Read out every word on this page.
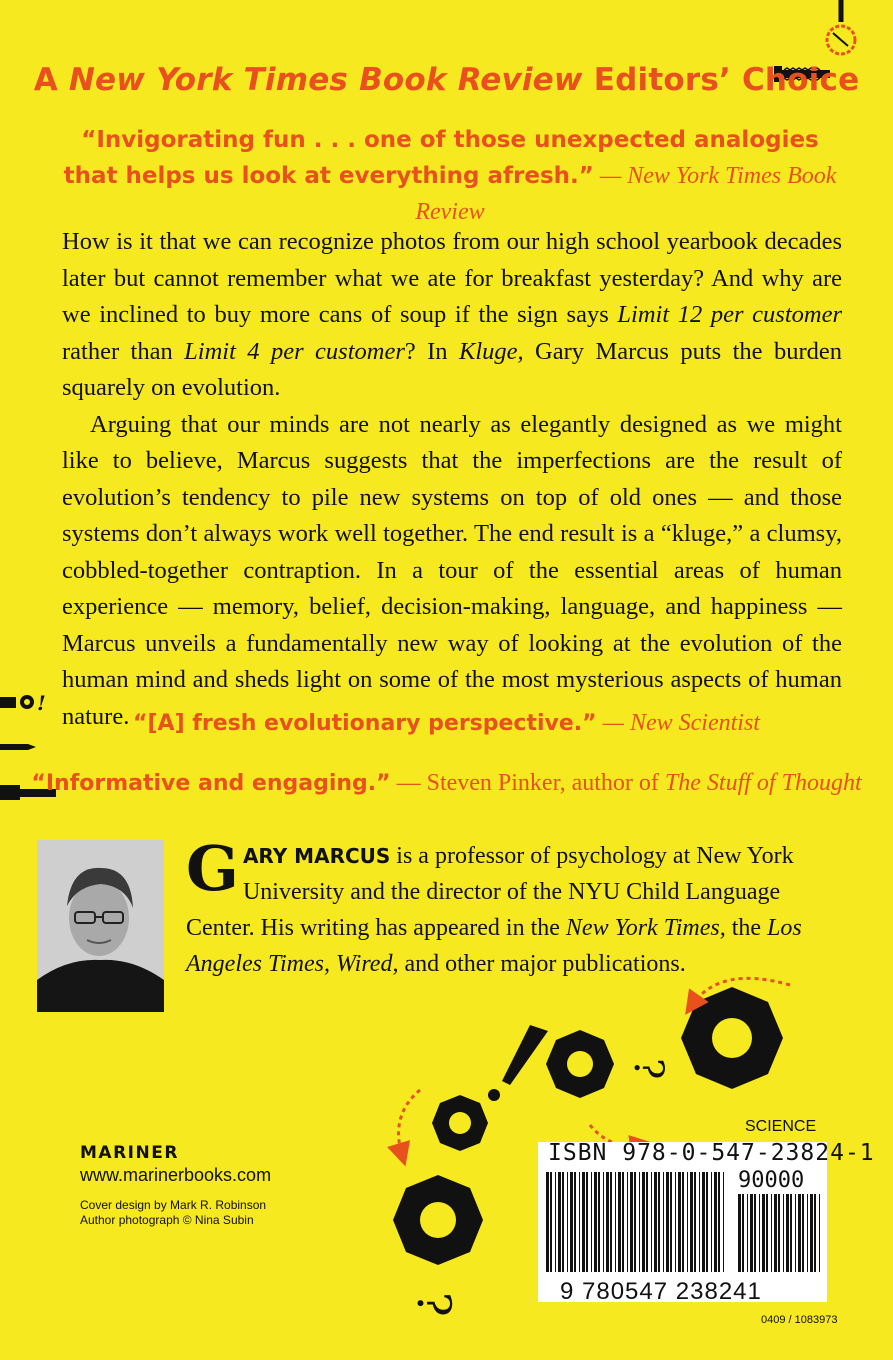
A New York Times Book Review Editors’ Choice
“Invigorating fun . . . one of those unexpected analogies that helps us look at everything afresh.” — New York Times Book Review

How is it that we can recognize photos from our high school yearbook decades later but cannot remember what we ate for breakfast yesterday? And why are we inclined to buy more cans of soup if the sign says Limit 12 per customer rather than Limit 4 per customer? In Kluge, Gary Marcus puts the burden squarely on evolution.

Arguing that our minds are not nearly as elegantly designed as we might like to believe, Marcus suggests that the imperfections are the result of evolution’s tendency to pile new systems on top of old ones — and those systems don’t always work well together. The end result is a “kluge,” a clumsy, cobbled-together contraption. In a tour of the essential areas of human experience — memory, belief, decision-making, language, and happiness — Marcus unveils a fundamentally new way of looking at the evolution of the human mind and sheds light on some of the most mysterious aspects of human nature.

!
“[A] fresh evolutionary perspective.” — New Scientist
“Informative and engaging.” — Steven Pinker, author of The Stuff of Thought
GARY MARCUS is a professor of psychology at New York University and the director of the NYU Child Language Center. His writing has appeared in the New York Times, the Los Angeles Times, Wired, and other major publications.
?
?
MARINER
www.marinerbooks.com
Cover design by Mark R. Robinson
Author photograph © Nina Subin
SCIENCE
ISBN 978-0-547-23824-1
90000
9 780547 238241
0409 / 1083973
